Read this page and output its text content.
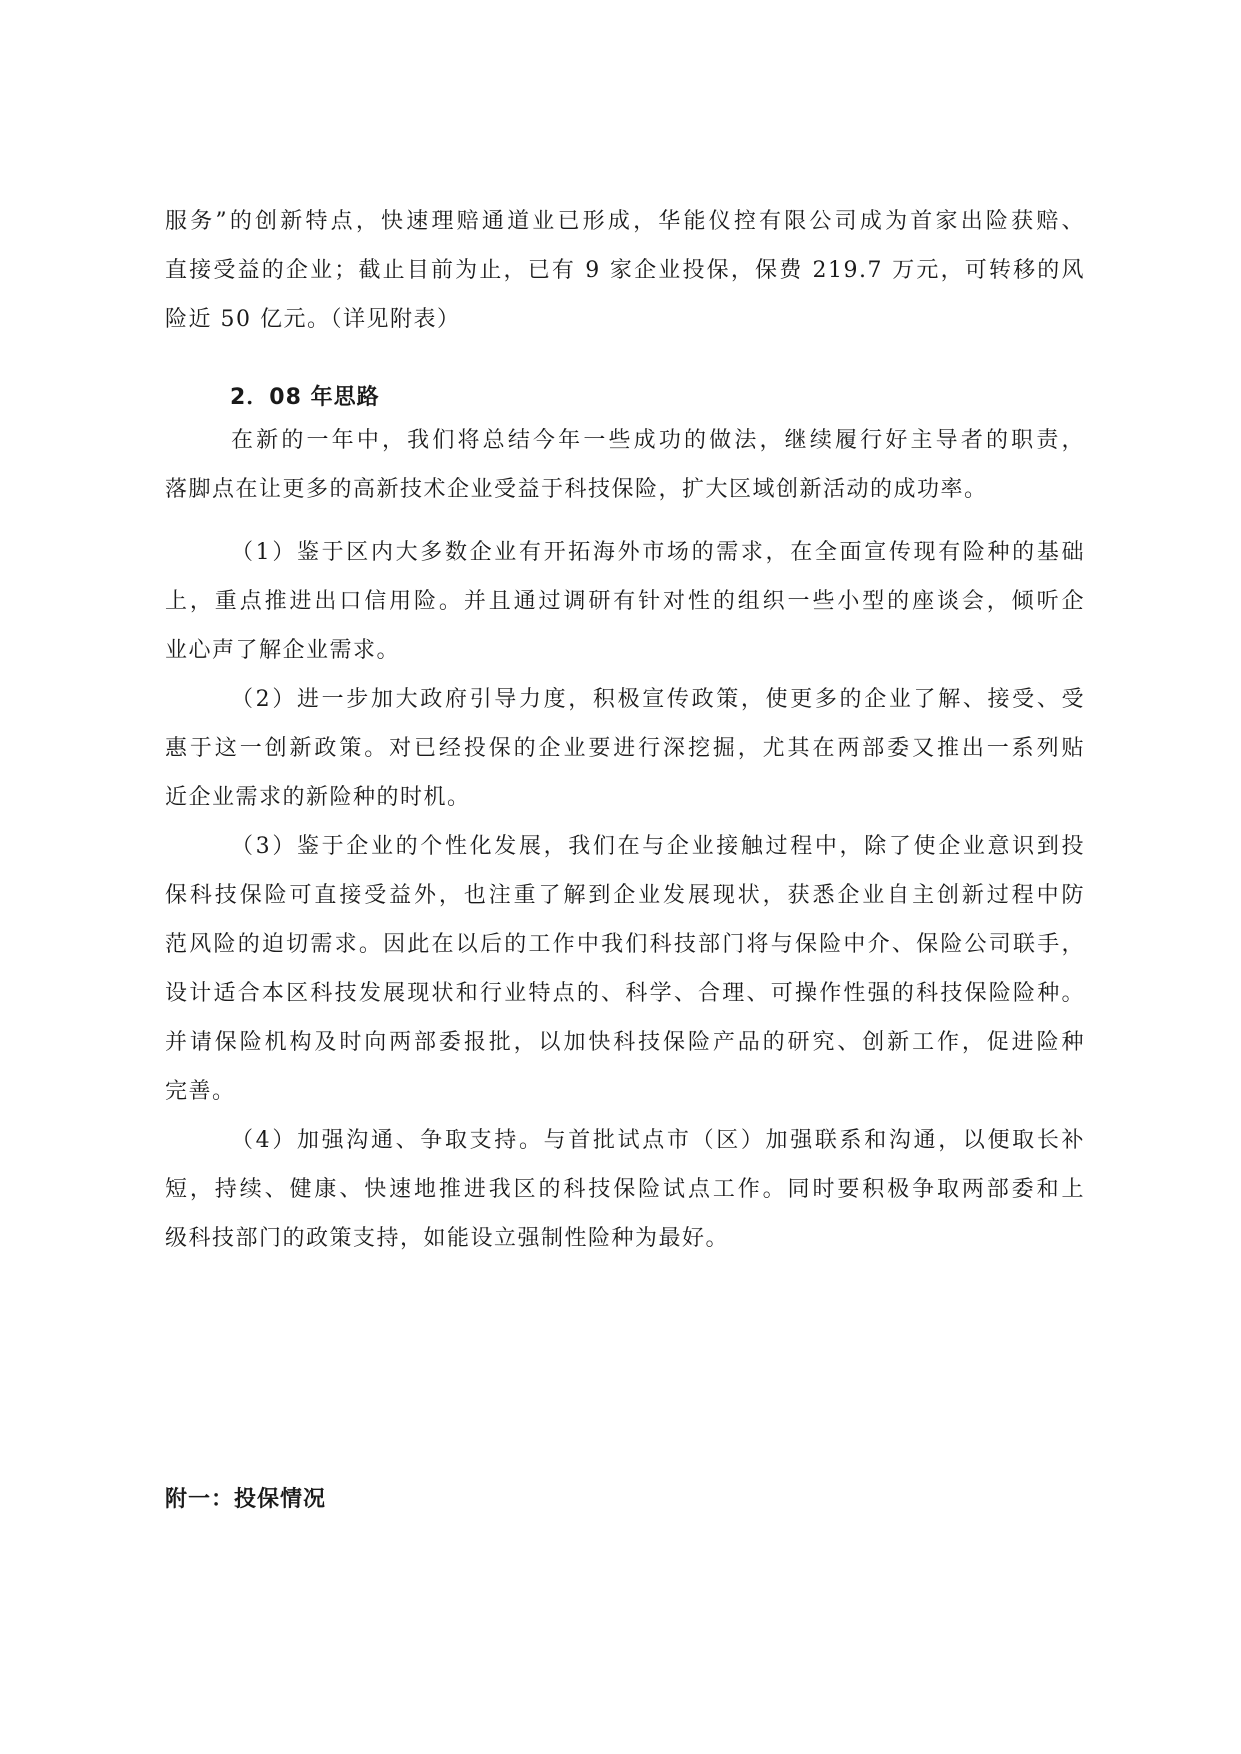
服务”的创新特点，快速理赔通道业已形成，华能仪控有限公司成为首家出险获赔、
直接受益的企业；截止目前为止，已有 9 家企业投保，保费 219.7 万元，可转移的风
险近 50 亿元。（详见附表）
2．08 年思路
在新的一年中，我们将总结今年一些成功的做法，继续履行好主导者的职责，
落脚点在让更多的高新技术企业受益于科技保险，扩大区域创新活动的成功率。
（1）鉴于区内大多数企业有开拓海外市场的需求，在全面宣传现有险种的基础
上，重点推进出口信用险。并且通过调研有针对性的组织一些小型的座谈会，倾听企
业心声了解企业需求。
（2）进一步加大政府引导力度，积极宣传政策，使更多的企业了解、接受、受
惠于这一创新政策。对已经投保的企业要进行深挖掘，尤其在两部委又推出一系列贴
近企业需求的新险种的时机。
（3）鉴于企业的个性化发展，我们在与企业接触过程中，除了使企业意识到投
保科技保险可直接受益外，也注重了解到企业发展现状，获悉企业自主创新过程中防
范风险的迫切需求。因此在以后的工作中我们科技部门将与保险中介、保险公司联手，
设计适合本区科技发展现状和行业特点的、科学、合理、可操作性强的科技保险险种。
并请保险机构及时向两部委报批，以加快科技保险产品的研究、创新工作，促进险种
完善。
（4）加强沟通、争取支持。与首批试点市（区）加强联系和沟通，以便取长补
短，持续、健康、快速地推进我区的科技保险试点工作。同时要积极争取两部委和上
级科技部门的政策支持，如能设立强制性险种为最好。
附一：投保情况
